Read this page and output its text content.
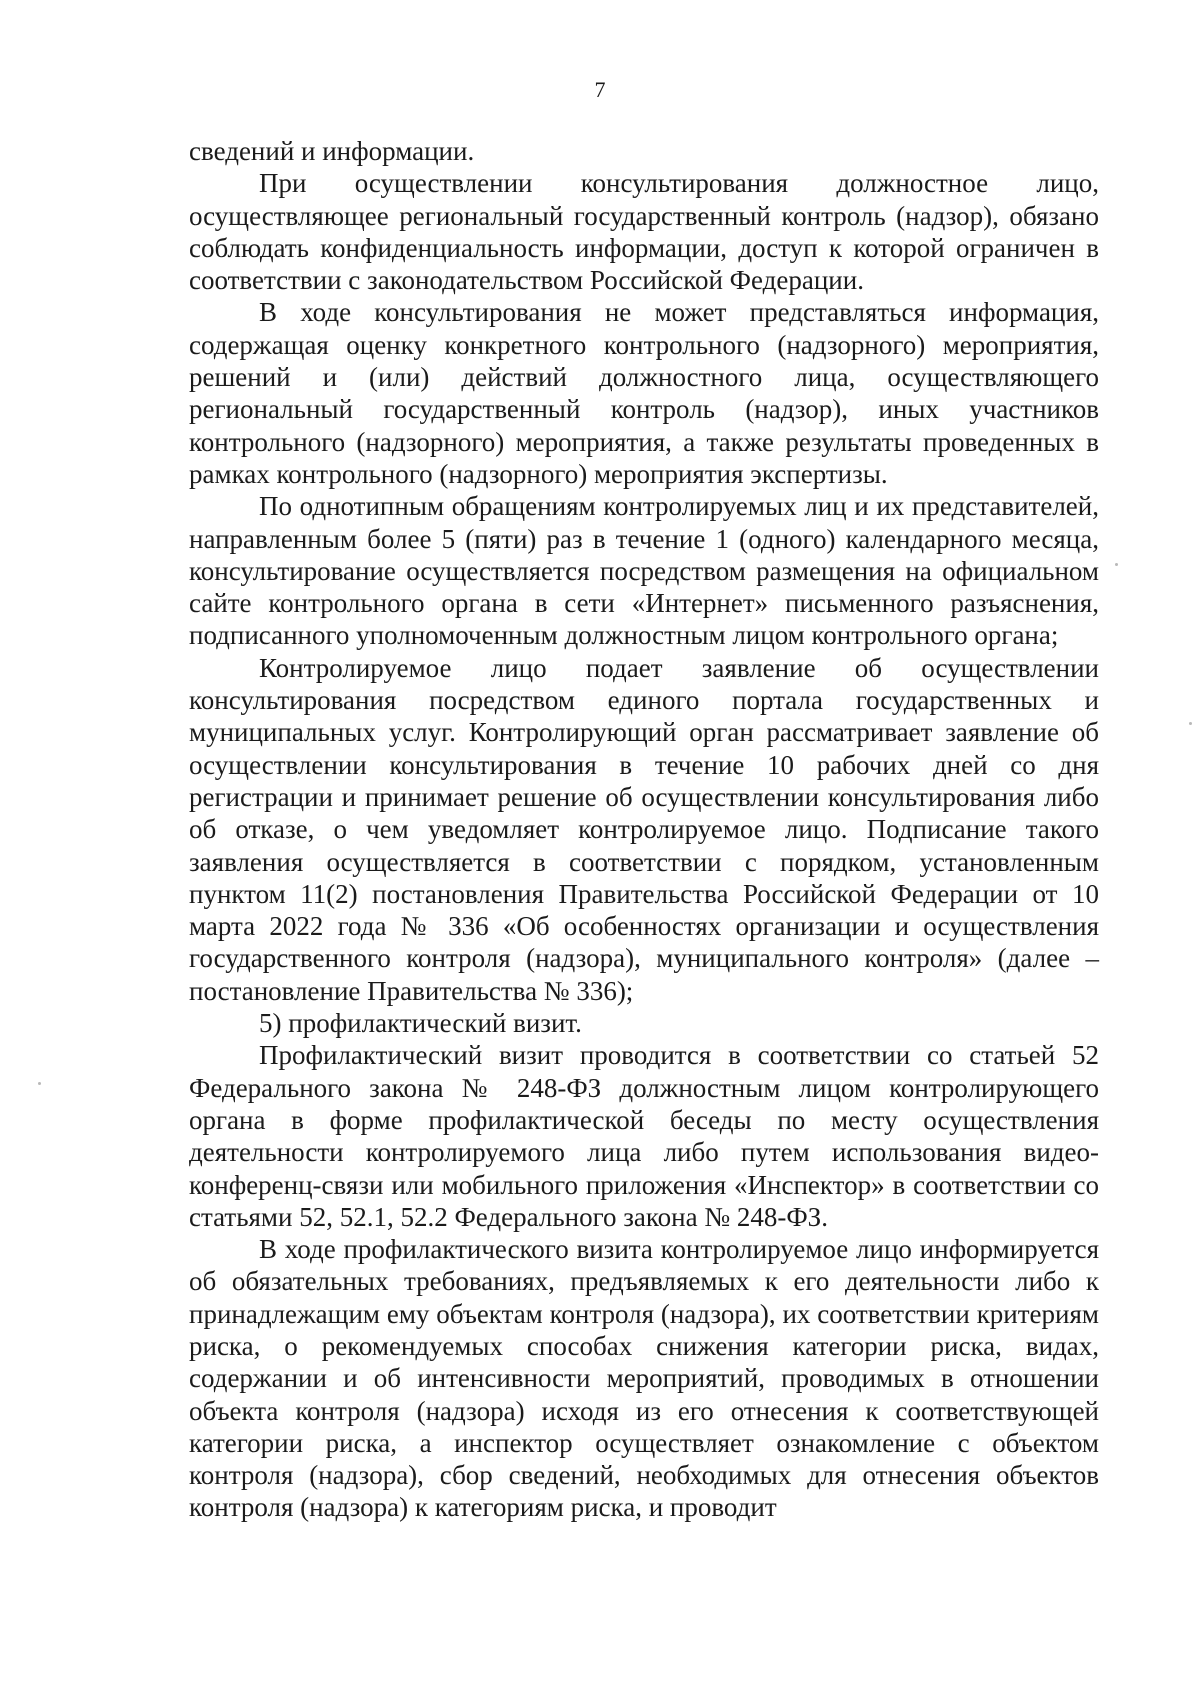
7

сведений и информации.

При осуществлении консультирования должностное лицо, осуществляющее региональный государственный контроль (надзор), обязано соблюдать конфиденциальность информации, доступ к которой ограничен в соответствии с законодательством Российской Федерации.

В ходе консультирования не может представляться информация, содержащая оценку конкретного контрольного (надзорного) мероприятия, решений и (или) действий должностного лица, осуществляющего региональный государственный контроль (надзор), иных участников контрольного (надзорного) мероприятия, а также результаты проведенных в рамках контрольного (надзорного) мероприятия экспертизы.

По однотипным обращениям контролируемых лиц и их представителей, направленным более 5 (пяти) раз в течение 1 (одного) календарного месяца, консультирование осуществляется посредством размещения на официальном сайте контрольного органа в сети «Интернет» письменного разъяснения, подписанного уполномоченным должностным лицом контрольного органа;

Контролируемое лицо подает заявление об осуществлении консультирования посредством единого портала государственных и муниципальных услуг. Контролирующий орган рассматривает заявление об осуществлении консультирования в течение 10 рабочих дней со дня регистрации и принимает решение об осуществлении консультирования либо об отказе, о чем уведомляет контролируемое лицо. Подписание такого заявления осуществляется в соответствии с порядком, установленным пунктом 11(2) постановления Правительства Российской Федерации от 10 марта 2022 года № 336 «Об особенностях организации и осуществления государственного контроля (надзора), муниципального контроля» (далее – постановление Правительства № 336);

5) профилактический визит.

Профилактический визит проводится в соответствии со статьей 52 Федерального закона № 248-ФЗ должностным лицом контролирующего органа в форме профилактической беседы по месту осуществления деятельности контролируемого лица либо путем использования видео-конференц-связи или мобильного приложения «Инспектор» в соответствии со статьями 52, 52.1, 52.2 Федерального закона № 248-ФЗ.

В ходе профилактического визита контролируемое лицо информируется об обязательных требованиях, предъявляемых к его деятельности либо к принадлежащим ему объектам контроля (надзора), их соответствии критериям риска, о рекомендуемых способах снижения категории риска, видах, содержании и об интенсивности мероприятий, проводимых в отношении объекта контроля (надзора) исходя из его отнесения к соответствующей категории риска, а инспектор осуществляет ознакомление с объектом контроля (надзора), сбор сведений, необходимых для отнесения объектов контроля (надзора) к категориям риска, и проводит
